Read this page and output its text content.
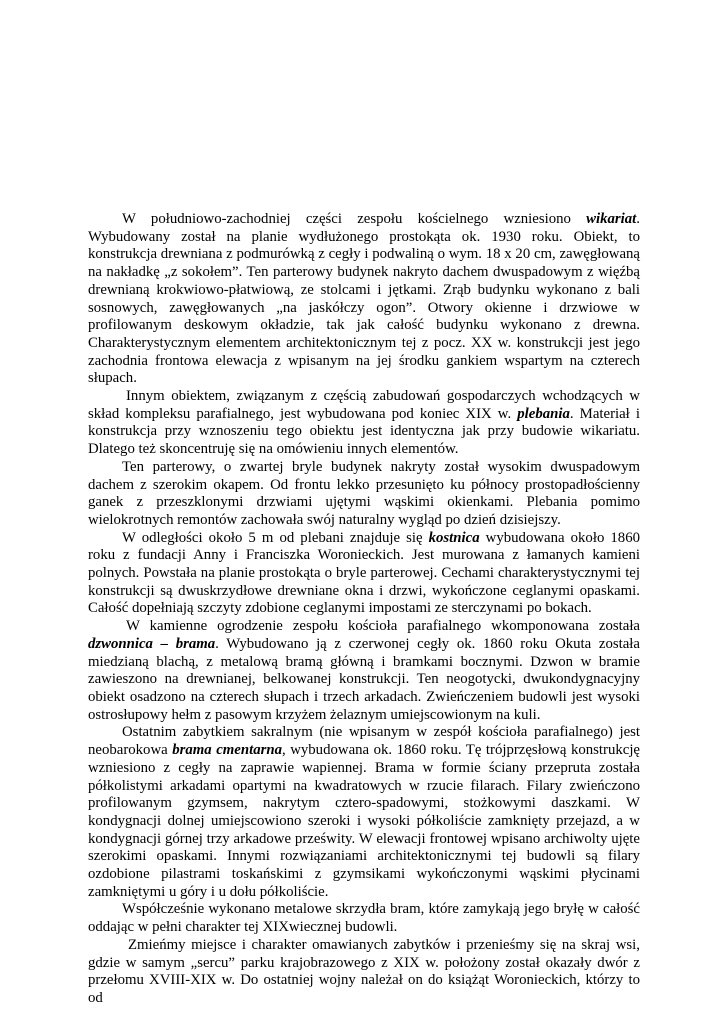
W południowo-zachodniej części zespołu kościelnego wzniesiono wikariat. Wybudowany został na planie wydłużonego prostokąta ok. 1930 roku. Obiekt, to konstrukcja drewniana z podmurówką z cegły i podwaliną o wym. 18 x 20 cm, zawęgłowaną na nakładkę „z sokołem”. Ten parterowy budynek nakryto dachem dwuspadowym z więźbą drewnianą krokwiowo-płatwiową, ze stolcami i jętkami. Zrąb budynku wykonano z bali sosnowych, zawęgłowanych „na jaskółczy ogon”. Otwory okienne i drzwiowe w profilowanym deskowym okładzie, tak jak całość budynku wykonano z drewna. Charakterystycznym elementem architektonicznym tej z pocz. XX w. konstrukcji jest jego zachodnia frontowa elewacja z wpisanym na jej środku gankiem wspartym na czterech słupach.

Innym obiektem, związanym z częścią zabudowań gospodarczych wchodzących w skład kompleksu parafialnego, jest wybudowana pod koniec XIX w. plebania. Materiał i konstrukcja przy wznoszeniu tego obiektu jest identyczna jak przy budowie wikariatu. Dlatego też skoncentruję się na omówieniu innych elementów.

Ten parterowy, o zwartej bryle budynek nakryty został wysokim dwuspadowym dachem z szerokim okapem. Od frontu lekko przesunięto ku północy prostopadłościenny ganek z przeszklonymi drzwiami ujętymi wąskimi okienkami. Plebania pomimo wielokrotnych remontów zachowała swój naturalny wygląd po dzień dzisiejszy.

W odległości około 5 m od plebani znajduje się kostnica wybudowana około 1860 roku z fundacji Anny i Franciszka Woronieckich. Jest murowana z łamanych kamieni polnych. Powstała na planie prostokąta o bryle parterowej. Cechami charakterystycznymi tej konstrukcji są dwuskrzydłowe drewniane okna i drzwi, wykończone ceglanymi opaskami. Całość dopełniają szczyty zdobione ceglanymi impostami ze sterczynami po bokach.

W kamienne ogrodzenie zespołu kościoła parafialnego wkomponowana została dzwonnica – brama. Wybudowano ją z czerwonej cegły ok. 1860 roku Okuta została miedzianą blachą, z metalową bramą główną i bramkami bocznymi. Dzwon w bramie zawieszono na drewnianej, belkowanej konstrukcji. Ten neogotycki, dwukondygnacyjny obiekt osadzono na czterech słupach i trzech arkadach. Zwieńczeniem budowli jest wysoki ostrosłupowy hełm z pasowym krzyżem żelaznym umiejscowionym na kuli.

Ostatnim zabytkiem sakralnym (nie wpisanym w zespół kościoła parafialnego) jest neobarokowa brama cmentarna, wybudowana ok. 1860 roku. Tę trójprzęsłową konstrukcję wzniesiono z cegły na zaprawie wapiennej. Brama w formie ściany przepruta została półkolistymi arkadami opartymi na kwadratowych w rzucie filarach. Filary zwieńczono profilowanym gzymsem, nakrytym cztero-spadowymi, stożkowymi daszkami. W kondygnacji dolnej umiejscowiono szeroki i wysoki półkoliście zamknięty przejazd, a w kondygnacji górnej trzy arkadowe prześwity. W elewacji frontowej wpisano archiwolty ujęte szerokimi opaskami. Innymi rozwiązaniami architektonicznymi tej budowli są filary ozdobione pilastrami toskańskimi z gzymsikami wykończonymi wąskimi płycinami zamkniętymi u góry i u dołu półkoliście.

Współcześnie wykonano metalowe skrzydła bram, które zamykają jego bryłę w całość oddając w pełni charakter tej XIXwiecznej budowli.

Zmieńmy miejsce i charakter omawianych zabytków i przenieśmy się na skraj wsi, gdzie w samym „sercu” parku krajobrazowego z XIX w. położony został okazały dwór z przełomu XVIII-XIX w. Do ostatniej wojny należał on do książąt Woronieckich, którzy to od
